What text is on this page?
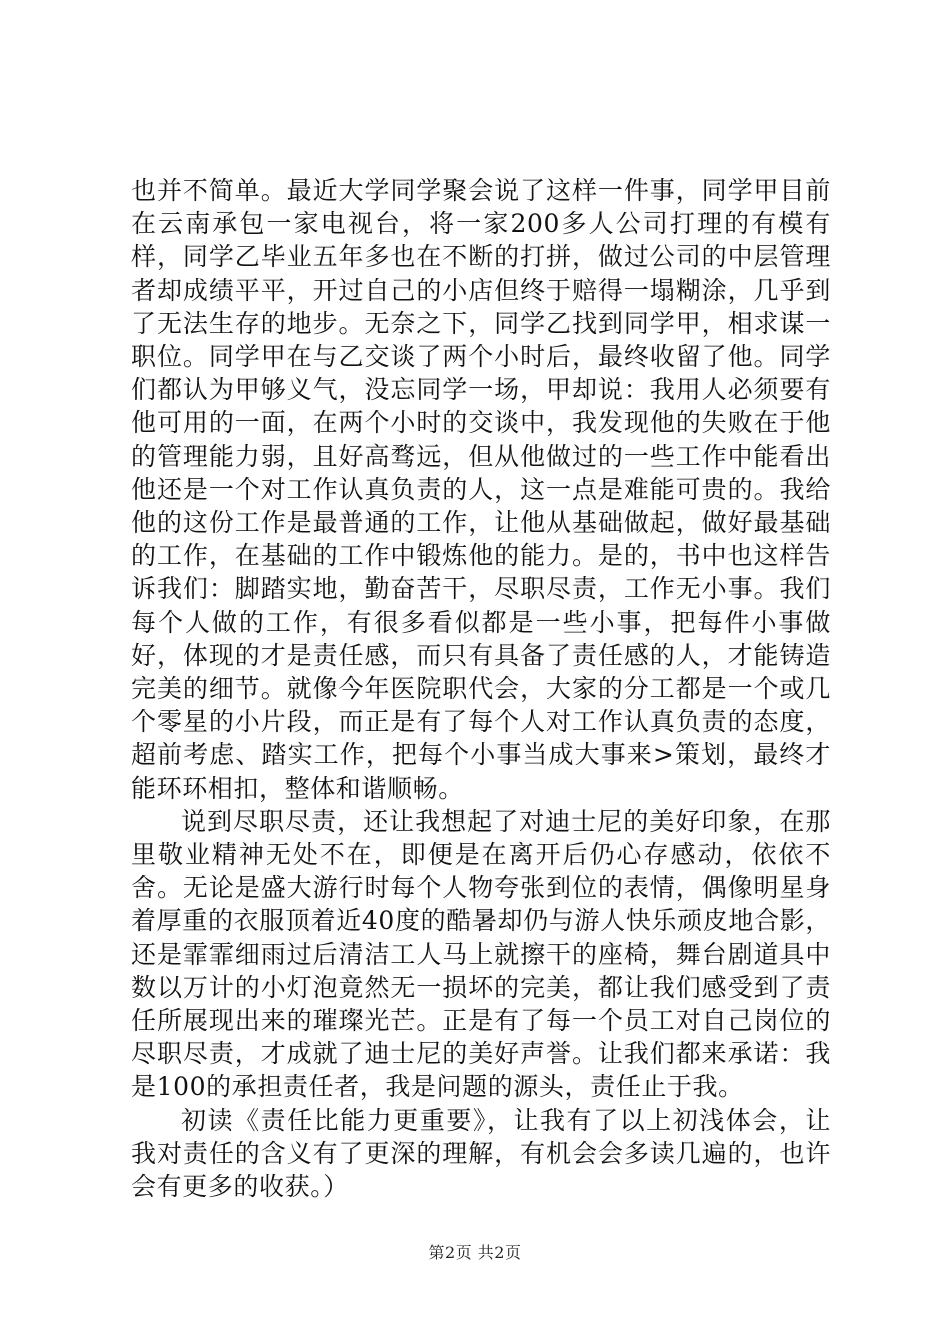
也并不简单。最近大学同学聚会说了这样一件事，同学甲目前在云南承包一家电视台，将一家200多人公司打理的有模有样，同学乙毕业五年多也在不断的打拼，做过公司的中层管理者却成绩平平，开过自己的小店但终于赔得一塌糊涂，几乎到了无法生存的地步。无奈之下，同学乙找到同学甲，相求谋一职位。同学甲在与乙交谈了两个小时后，最终收留了他。同学们都认为甲够义气，没忘同学一场，甲却说：我用人必须要有他可用的一面，在两个小时的交谈中，我发现他的失败在于他的管理能力弱，且好高骛远，但从他做过的一些工作中能看出他还是一个对工作认真负责的人，这一点是难能可贵的。我给他的这份工作是最普通的工作，让他从基础做起，做好最基础的工作，在基础的工作中锻炼他的能力。是的，书中也这样告诉我们：脚踏实地，勤奋苦干，尽职尽责，工作无小事。我们每个人做的工作，有很多看似都是一些小事，把每件小事做好，体现的才是责任感，而只有具备了责任感的人，才能铸造完美的细节。就像今年医院职代会，大家的分工都是一个或几个零星的小片段，而正是有了每个人对工作认真负责的态度，超前考虑、踏实工作，把每个小事当成大事来>策划，最终才能环环相扣，整体和谐顺畅。

说到尽职尽责，还让我想起了对迪士尼的美好印象，在那里敬业精神无处不在，即便是在离开后仍心存感动，依依不舍。无论是盛大游行时每个人物夸张到位的表情，偶像明星身着厚重的衣服顶着近40度的酷暑却仍与游人快乐顽皮地合影，还是霏霏细雨过后清洁工人马上就擦干的座椅，舞台剧道具中数以万计的小灯泡竟然无一损坏的完美，都让我们感受到了责任所展现出来的璀璨光芒。正是有了每一个员工对自己岗位的尽职尽责，才成就了迪士尼的美好声誉。让我们都来承诺：我是100的承担责任者，我是问题的源头，责任止于我。

初读《责任比能力更重要》，让我有了以上初浅体会，让我对责任的含义有了更深的理解，有机会会多读几遍的，也许会有更多的收获。）

第2页 共2页
